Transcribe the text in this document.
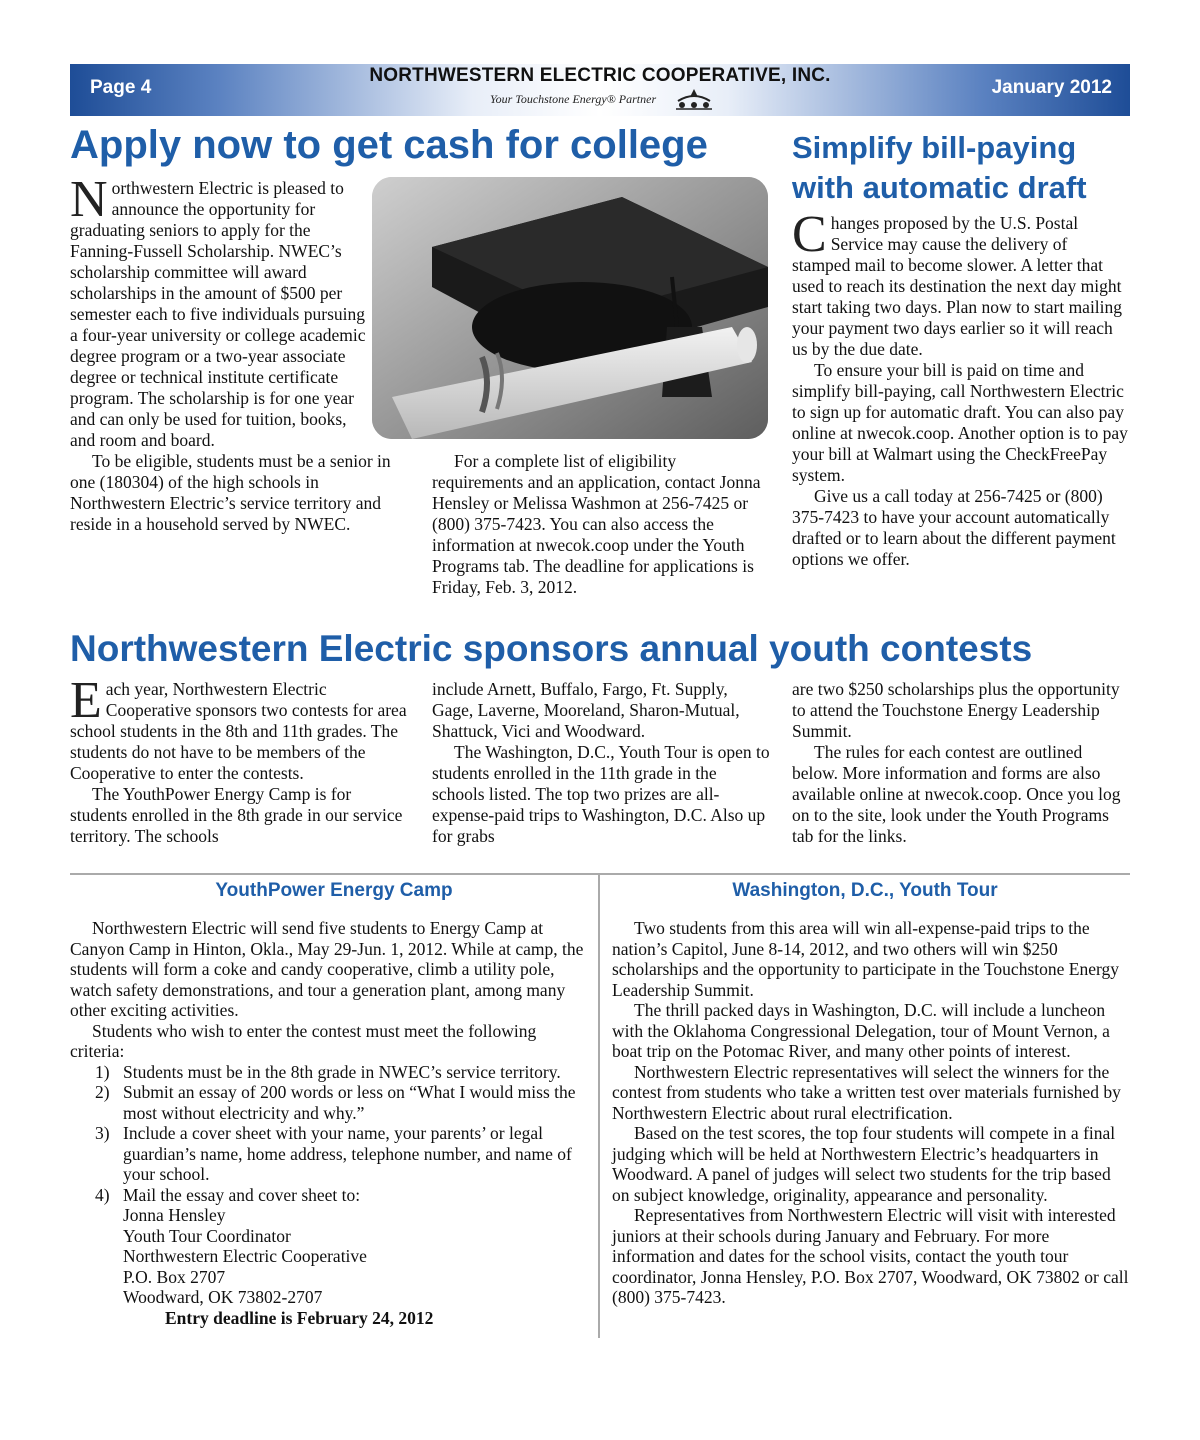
Page 4
NORTHWESTERN ELECTRIC COOPERATIVE, INC.
Your Touchstone Energy® Partner
January 2012
Apply now to get cash for college

Northwestern Electric is pleased to announce the opportunity for graduating seniors to apply for the Fanning-Fussell Scholarship. NWEC’s scholarship committee will award scholarships in the amount of $500 per semester each to five individuals pursuing a four-year university or college academic degree program or a two-year associate degree or technical institute certificate program. The scholarship is for one year and can only be used for tuition, books, and room and board.

To be eligible, students must be a senior in one (180304) of the high schools in Northwestern Electric’s service territory and reside in a household served by NWEC.

For a complete list of eligibility requirements and an application, contact Jonna Hensley or Melissa Washmon at 256-7425 or (800) 375-7423. You can also access the information at nwecok.coop under the Youth Programs tab. The deadline for applications is Friday, Feb. 3, 2012.

Simplify bill-paying
with automatic draft

Changes proposed by the U.S. Postal Service may cause the delivery of stamped mail to become slower. A letter that used to reach its destination the next day might start taking two days. Plan now to start mailing your payment two days earlier so it will reach us by the due date.

To ensure your bill is paid on time and simplify bill-paying, call Northwestern Electric to sign up for automatic draft. You can also pay online at nwecok.coop. Another option is to pay your bill at Walmart using the CheckFreePay system.

Give us a call today at 256-7425 or (800) 375-7423 to have your account automatically drafted or to learn about the different payment options we offer.

Northwestern Electric sponsors annual youth contests

Each year, Northwestern Electric Cooperative sponsors two contests for area school students in the 8th and 11th grades. The students do not have to be members of the Cooperative to enter the contests.

The YouthPower Energy Camp is for students enrolled in the 8th grade in our service territory. The schools

include Arnett, Buffalo, Fargo, Ft. Supply, Gage, Laverne, Mooreland, Sharon-Mutual, Shattuck, Vici and Woodward.

The Washington, D.C., Youth Tour is open to students enrolled in the 11th grade in the schools listed. The top two prizes are all-expense-paid trips to Washington, D.C. Also up for grabs

are two $250 scholarships plus the opportunity to attend the Touchstone Energy Leadership Summit.

The rules for each contest are outlined below. More information and forms are also available online at nwecok.coop. Once you log on to the site, look under the Youth Programs tab for the links.

YouthPower Energy Camp

Northwestern Electric will send five students to Energy Camp at Canyon Camp in Hinton, Okla., May 29-Jun. 1, 2012. While at camp, the students will form a coke and candy cooperative, climb a utility pole, watch safety demonstrations, and tour a generation plant, among many other exciting activities.

Students who wish to enter the contest must meet the following criteria:

1) Students must be in the 8th grade in NWEC’s service territory.
2) Submit an essay of 200 words or less on “What I would miss the most without electricity and why.”
3) Include a cover sheet with your name, your parents’ or legal guardian’s name, home address, telephone number, and name of your school.
4) Mail the essay and cover sheet to:
Jonna Hensley
Youth Tour Coordinator
Northwestern Electric Cooperative
P.O. Box 2707
Woodward, OK 73802-2707
Entry deadline is February 24, 2012
Washington, D.C., Youth Tour

Two students from this area will win all-expense-paid trips to the nation’s Capitol, June 8-14, 2012, and two others will win $250 scholarships and the opportunity to participate in the Touchstone Energy Leadership Summit.

The thrill packed days in Washington, D.C. will include a luncheon with the Oklahoma Congressional Delegation, tour of Mount Vernon, a boat trip on the Potomac River, and many other points of interest.

Northwestern Electric representatives will select the winners for the contest from students who take a written test over materials furnished by Northwestern Electric about rural electrification.

Based on the test scores, the top four students will compete in a final judging which will be held at Northwestern Electric’s headquarters in Woodward. A panel of judges will select two students for the trip based on subject knowledge, originality, appearance and personality.

Representatives from Northwestern Electric will visit with interested juniors at their schools during January and February. For more information and dates for the school visits, contact the youth tour coordinator, Jonna Hensley, P.O. Box 2707, Woodward, OK 73802 or call (800) 375-7423.
